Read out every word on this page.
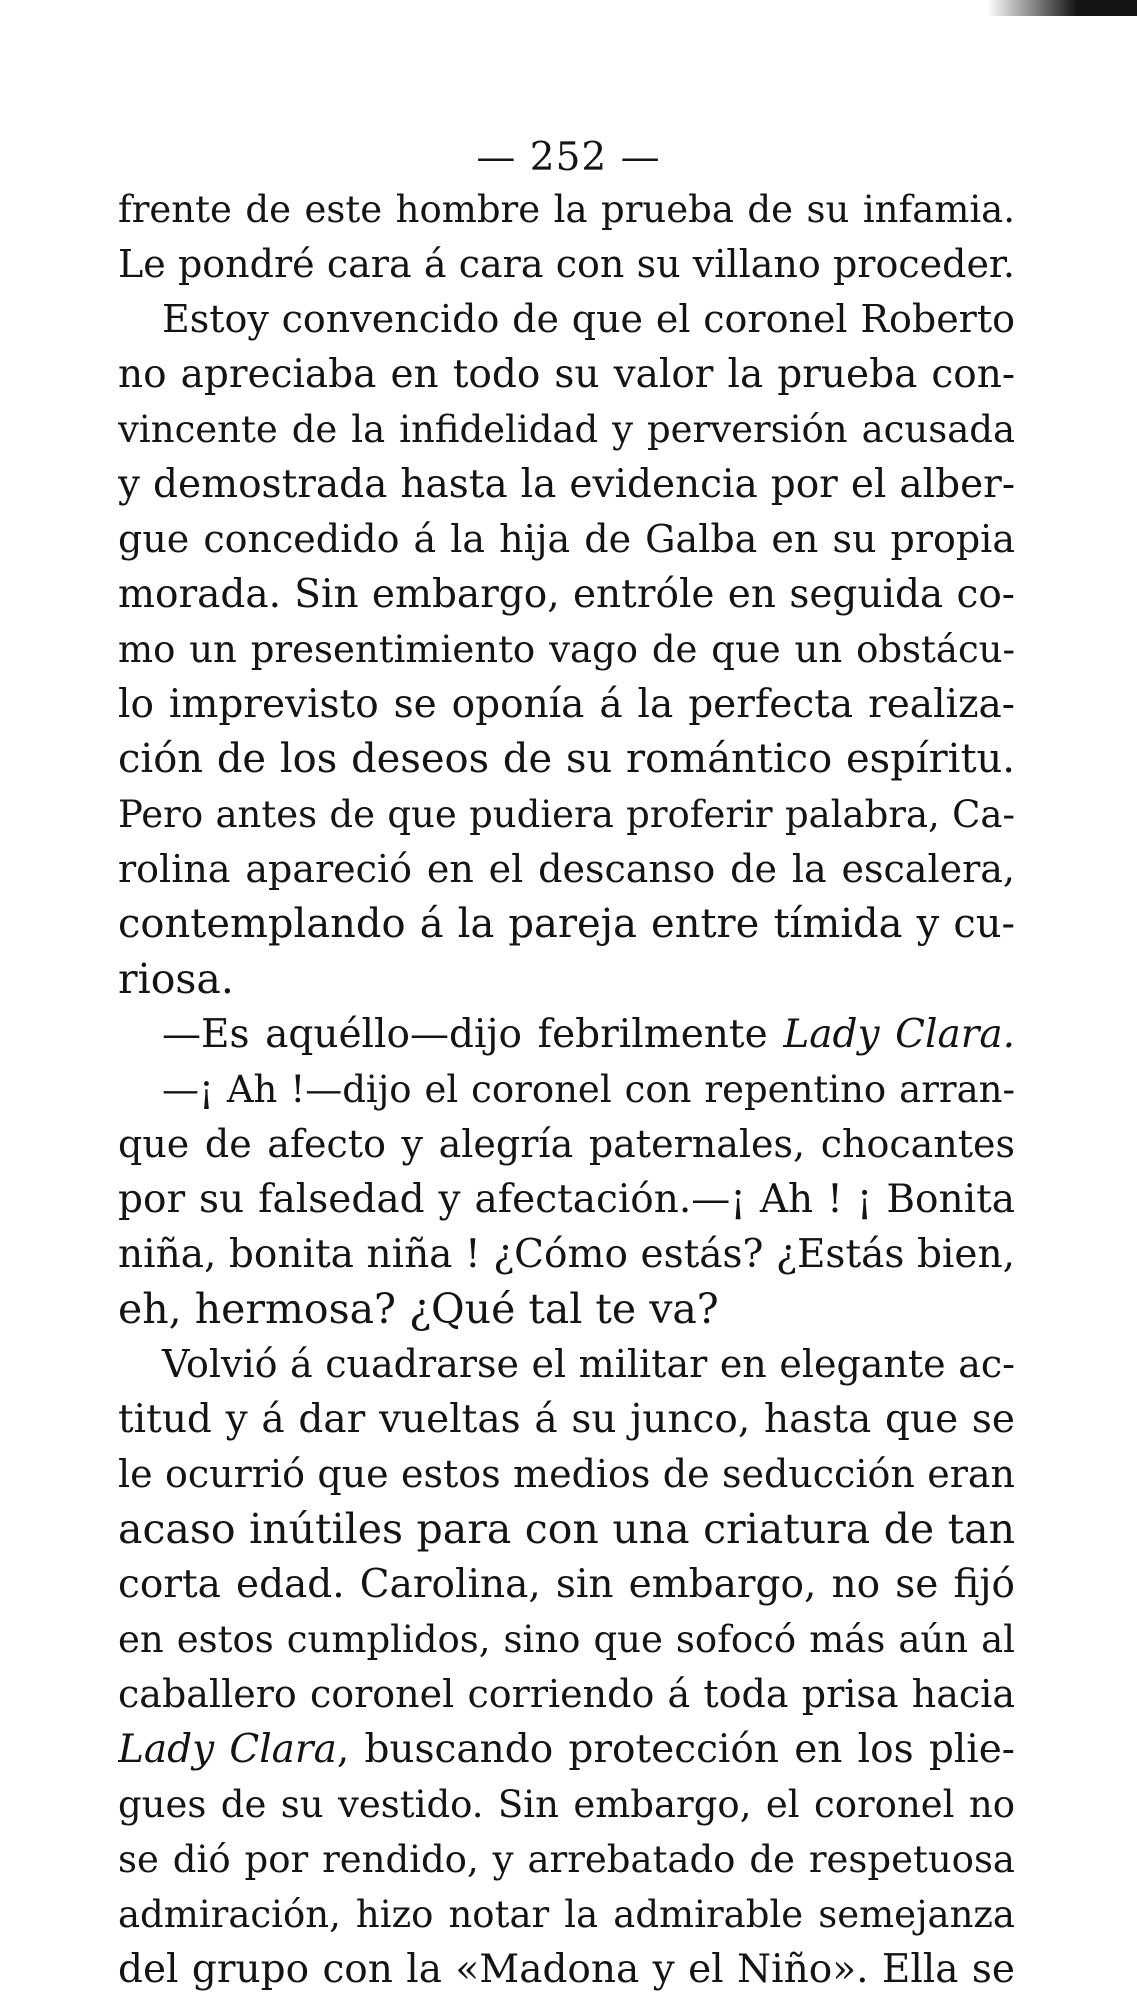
— 252 —
frente de este hombre la prueba de su infamia.
Le pondré cara á cara con su villano proceder.
Estoy convencido de que el coronel Roberto
no apreciaba en todo su valor la prueba con-
vincente de la infidelidad y perversión acusada
y demostrada hasta la evidencia por el alber-
gue concedido á la hija de Galba en su propia
morada. Sin embargo, entróle en seguida co-
mo un presentimiento vago de que un obstácu-
lo imprevisto se oponía á la perfecta realiza-
ción de los deseos de su romántico espíritu.
Pero antes de que pudiera proferir palabra, Ca-
rolina apareció en el descanso de la escalera,
contemplando á la pareja entre tímida y cu-
riosa.
—Es aquéllo—dijo febrilmente Lady Clara.
—¡ Ah !—dijo el coronel con repentino arran-
que de afecto y alegría paternales, chocantes
por su falsedad y afectación.—¡ Ah ! ¡ Bonita
niña, bonita niña ! ¿Cómo estás? ¿Estás bien,
eh, hermosa? ¿Qué tal te va?
Volvió á cuadrarse el militar en elegante ac-
titud y á dar vueltas á su junco, hasta que se
le ocurrió que estos medios de seducción eran
acaso inútiles para con una criatura de tan
corta edad. Carolina, sin embargo, no se fijó
en estos cumplidos, sino que sofocó más aún al
caballero coronel corriendo á toda prisa hacia
Lady Clara, buscando protección en los plie-
gues de su vestido. Sin embargo, el coronel no
se dió por rendido, y arrebatado de respetuosa
admiración, hizo notar la admirable semejanza
del grupo con la «Madona y el Niño». Ella se
